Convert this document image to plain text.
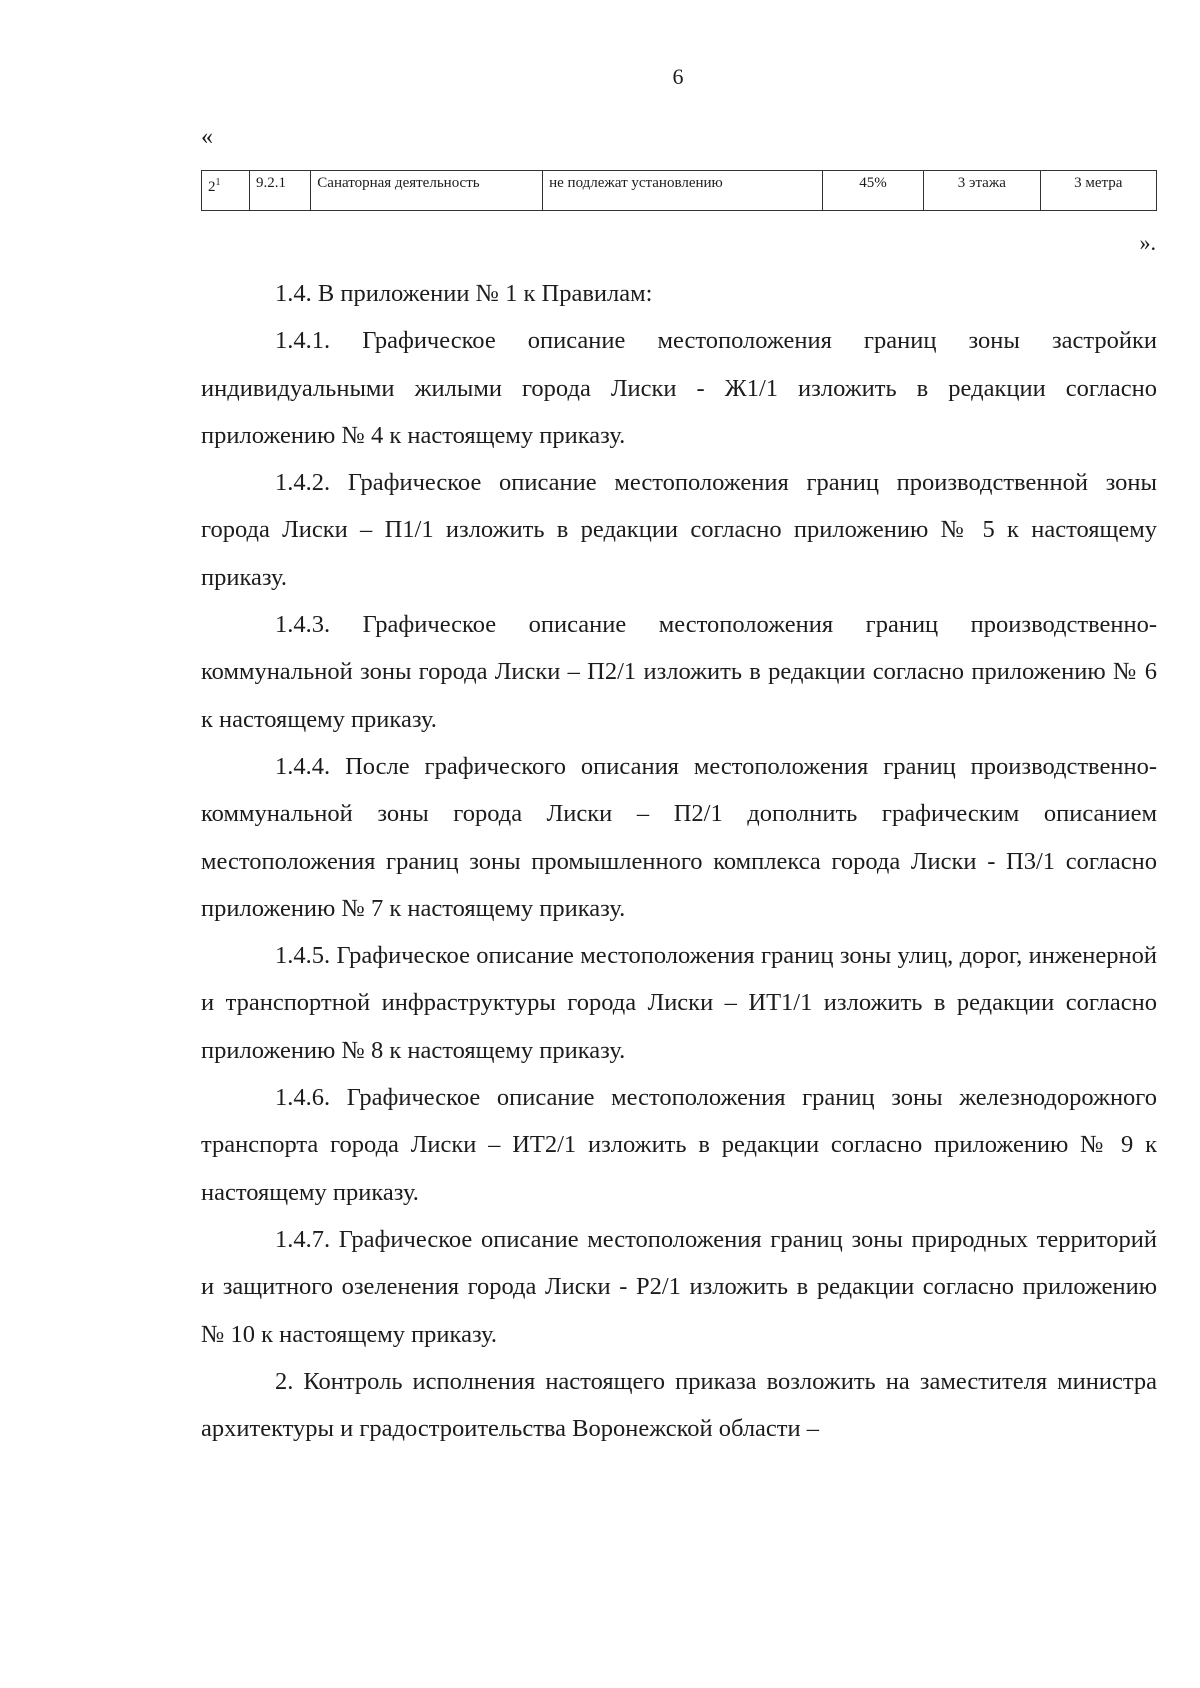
6
«
$2^1$	9.2.1	Санаторная деятельность	не подлежат установлению	45%	3 этажа	3 метра
».

1.4. В приложении № 1 к Правилам:

1.4.1. Графическое описание местоположения границ зоны застройки индивидуальными жилыми города Лиски - Ж1/1 изложить в редакции согласно приложению № 4 к настоящему приказу.

1.4.2. Графическое описание местоположения границ производственной зоны города Лиски – П1/1 изложить в редакции согласно приложению № 5 к настоящему приказу.

1.4.3. Графическое описание местоположения границ производственно-коммунальной зоны города Лиски – П2/1 изложить в редакции согласно приложению № 6 к настоящему приказу.

1.4.4. После графического описания местоположения границ производственно-коммунальной зоны города Лиски – П2/1 дополнить графическим описанием местоположения границ зоны промышленного комплекса города Лиски - П3/1 согласно приложению № 7 к настоящему приказу.

1.4.5. Графическое описание местоположения границ зоны улиц, дорог, инженерной и транспортной инфраструктуры города Лиски – ИТ1/1 изложить в редакции согласно приложению № 8 к настоящему приказу.

1.4.6. Графическое описание местоположения границ зоны железнодорожного транспорта города Лиски – ИТ2/1 изложить в редакции согласно приложению № 9 к настоящему приказу.

1.4.7. Графическое описание местоположения границ зоны природных территорий и защитного озеленения города Лиски - Р2/1 изложить в редакции согласно приложению № 10 к настоящему приказу.

2. Контроль исполнения настоящего приказа возложить на заместителя министра архитектуры и градостроительства Воронежской области –
